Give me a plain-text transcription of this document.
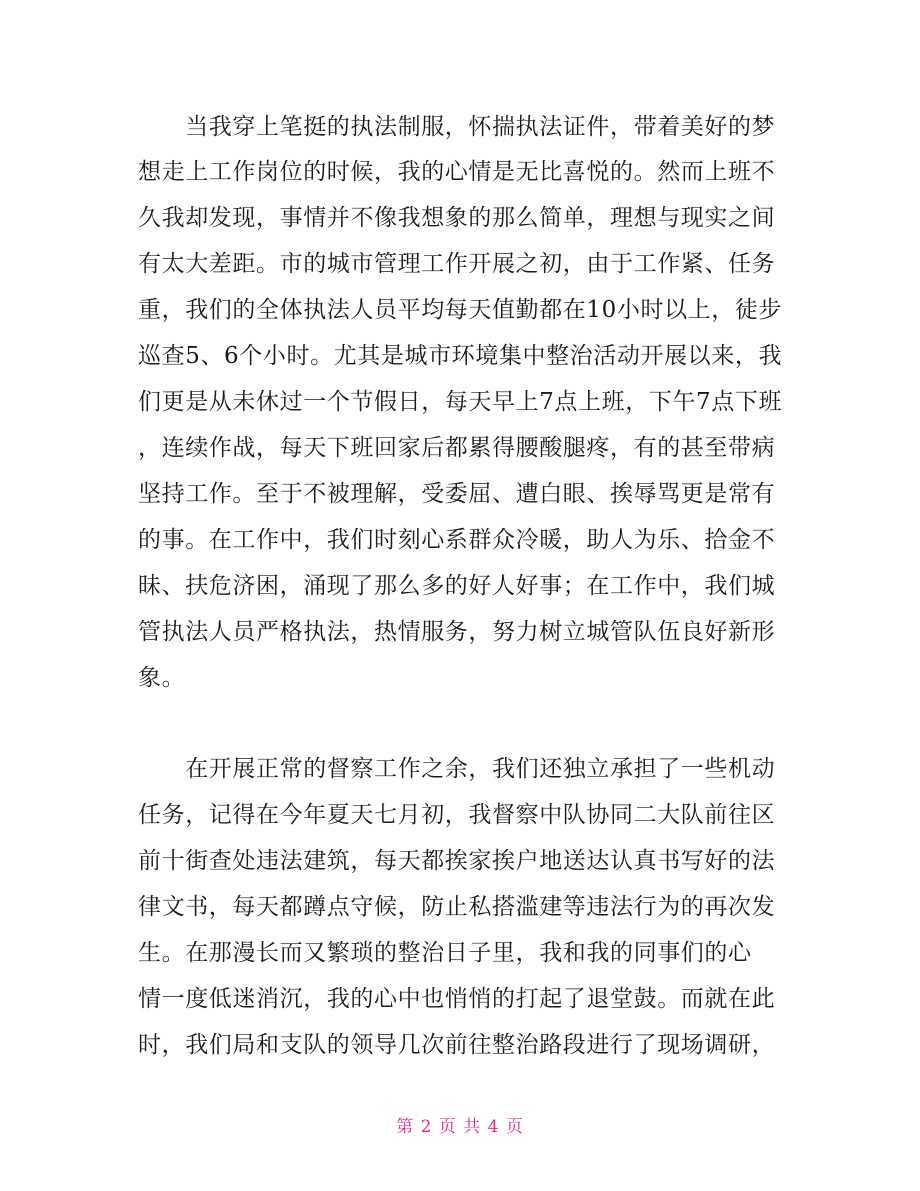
　　当我穿上笔挺的执法制服，怀揣执法证件，带着美好的梦
想走上工作岗位的时候，我的心情是无比喜悦的。然而上班不
久我却发现，事情并不像我想象的那么简单，理想与现实之间
有太大差距。市的城市管理工作开展之初，由于工作紧、任务
重，我们的全体执法人员平均每天值勤都在10小时以上，徒步
巡查5、6个小时。尤其是城市环境集中整治活动开展以来，我
们更是从未休过一个节假日，每天早上7点上班，下午7点下班
，连续作战，每天下班回家后都累得腰酸腿疼，有的甚至带病
坚持工作。至于不被理解，受委屈、遭白眼、挨辱骂更是常有
的事。在工作中，我们时刻心系群众冷暖，助人为乐、拾金不
昧、扶危济困，涌现了那么多的好人好事；在工作中，我们城
管执法人员严格执法，热情服务，努力树立城管队伍良好新形
象。
　　在开展正常的督察工作之余，我们还独立承担了一些机动
任务，记得在今年夏天七月初，我督察中队协同二大队前往区
前十街查处违法建筑，每天都挨家挨户地送达认真书写好的法
律文书，每天都蹲点守候，防止私搭滥建等违法行为的再次发
生。在那漫长而又繁琐的整治日子里，我和我的同事们的心
情一度低迷消沉，我的心中也悄悄的打起了退堂鼓。而就在此
时，我们局和支队的领导几次前往整治路段进行了现场调研，
第 2 页 共 4 页
